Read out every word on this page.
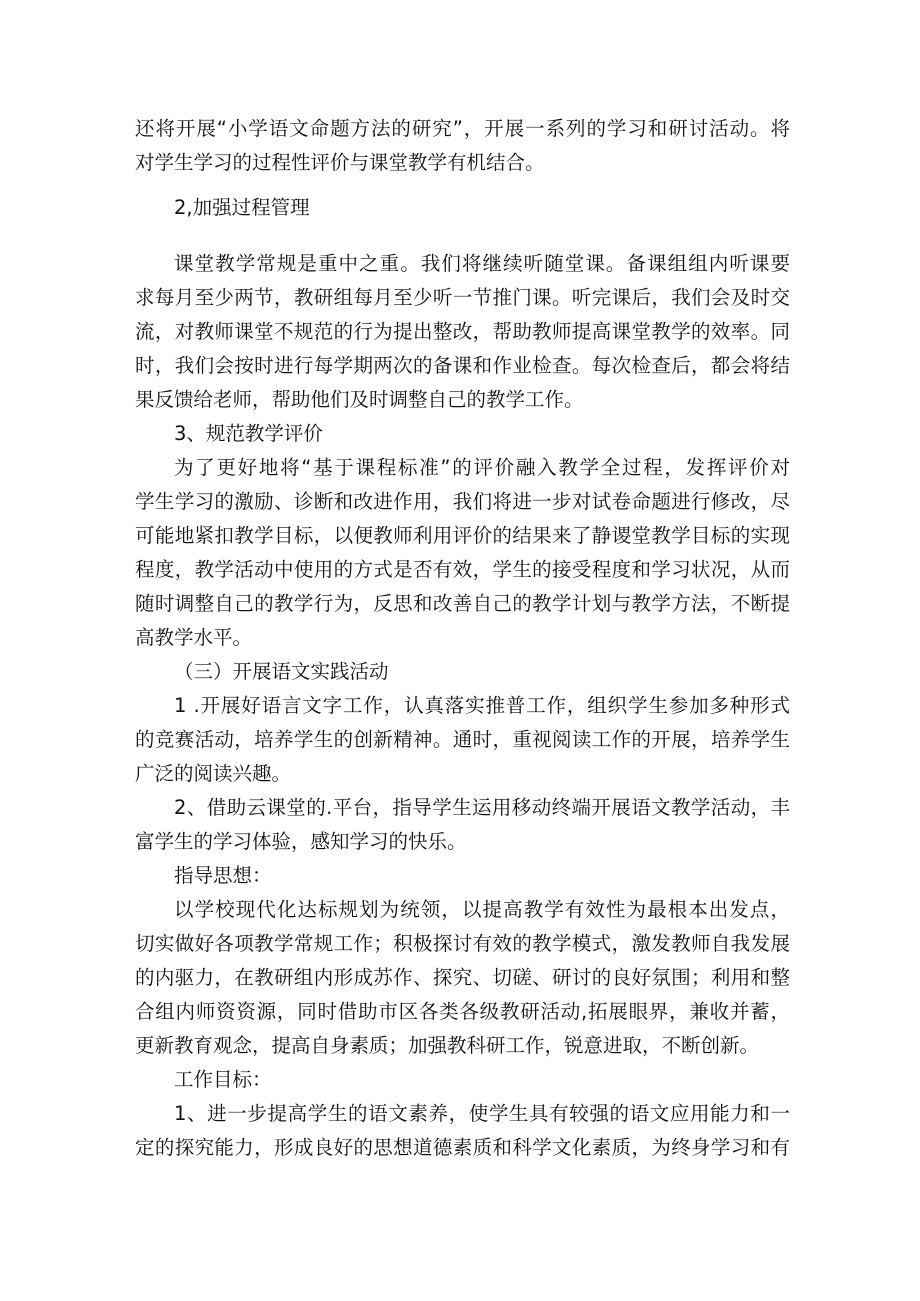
还将开展“小学语文命题方法的研究”，开展一系列的学习和研讨活动。将
对学生学习的过程性评价与课堂教学有机结合。
2,加强过程管理
课堂教学常规是重中之重。我们将继续听随堂课。备课组组内听课要
求每月至少两节，教研组每月至少听一节推门课。听完课后，我们会及时交
流，对教师课堂不规范的行为提出整改，帮助教师提高课堂教学的效率。同
时，我们会按时进行每学期两次的备课和作业检查。每次检查后，都会将结
果反馈给老师，帮助他们及时调整自己的教学工作。
3、规范教学评价
为了更好地将“基于课程标准”的评价融入教学全过程，发挥评价对
学生学习的激励、诊断和改进作用，我们将进一步对试卷命题进行修改，尽
可能地紧扣教学目标，以便教师利用评价的结果来了静谡堂教学目标的实现
程度，教学活动中使用的方式是否有效，学生的接受程度和学习状况，从而
随时调整自己的教学行为，反思和改善自己的教学计划与教学方法，不断提
高教学水平。
（三）开展语文实践活动
1 .开展好语言文字工作，认真落实推普工作，组织学生参加多种形式
的竞赛活动，培养学生的创新精神。通时，重视阅读工作的开展，培养学生
广泛的阅读兴趣。
2、借助云课堂的.平台，指导学生运用移动终端开展语文教学活动，丰
富学生的学习体验，感知学习的快乐。
指导思想：
以学校现代化达标规划为统领，以提高教学有效性为最根本出发点，
切实做好各项教学常规工作；积极探讨有效的教学模式，激发教师自我发展
的内驱力，在教研组内形成苏作、探究、切磋、研讨的良好氛围；利用和整
合组内师资资源，同时借助市区各类各级教研活动,拓展眼界，兼收并蓄，
更新教育观念，提高自身素质；加强教科研工作，锐意进取，不断创新。
工作目标：
1、进一步提高学生的语文素养，使学生具有较强的语文应用能力和一
定的探究能力，形成良好的思想道德素质和科学文化素质，为终身学习和有
